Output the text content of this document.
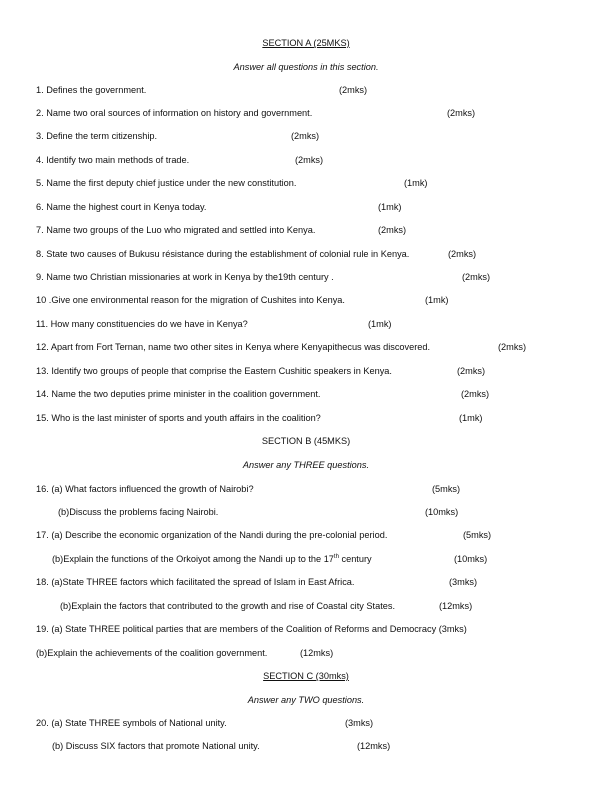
SECTION A (25MKS)
Answer all questions in this section.
1. Defines the government.	(2mks)
2. Name two oral sources of information on history and government.	(2mks)
3. Define the term citizenship.	(2mks)
4. Identify two main methods of trade.	(2mks)
5. Name the first deputy chief justice under the new constitution.	(1mk)
6. Name the highest court in Kenya today.	(1mk)
7. Name two groups of the Luo who migrated and settled into Kenya.	(2mks)
8. State two causes of Bukusu résistance during the establishment of colonial rule in Kenya.	(2mks)
9. Name two Christian missionaries at work in Kenya by the19th century .	(2mks)
10 .Give one environmental reason for the migration of Cushites into Kenya.	(1mk)
11. How many constituencies do we have in Kenya?	(1mk)
12. Apart from Fort Ternan, name two other sites in Kenya where Kenyapithecus was discovered.	(2mks)
13. Identify two groups of people that comprise the Eastern Cushitic speakers in Kenya.	(2mks)
14. Name the two deputies prime minister in the coalition government.	(2mks)
15. Who is the last minister of sports and youth affairs in the coalition?	(1mk)
SECTION B (45MKS)
Answer any THREE questions.
16. (a) What factors influenced the growth of Nairobi?	(5mks)
(b)Discuss the problems facing Nairobi.	(10mks)
17. (a) Describe the economic organization of the Nandi during the pre-colonial period.	(5mks)
(b)Explain the functions of the Orkoiyot among the Nandi up to the 17th century	(10mks)
18. (a)State THREE factors which facilitated the spread of Islam in East Africa.	(3mks)
(b)Explain the factors that contributed to the growth and rise of Coastal city States.	(12mks)
19. (a) State THREE political parties that are members of the Coalition of Reforms and Democracy (3mks)
(b)Explain the achievements of the coalition government.	(12mks)
SECTION C (30mks)
Answer any TWO questions.
20. (a) State THREE symbols of National unity.	(3mks)
(b) Discuss SIX factors that promote National unity.	(12mks)
